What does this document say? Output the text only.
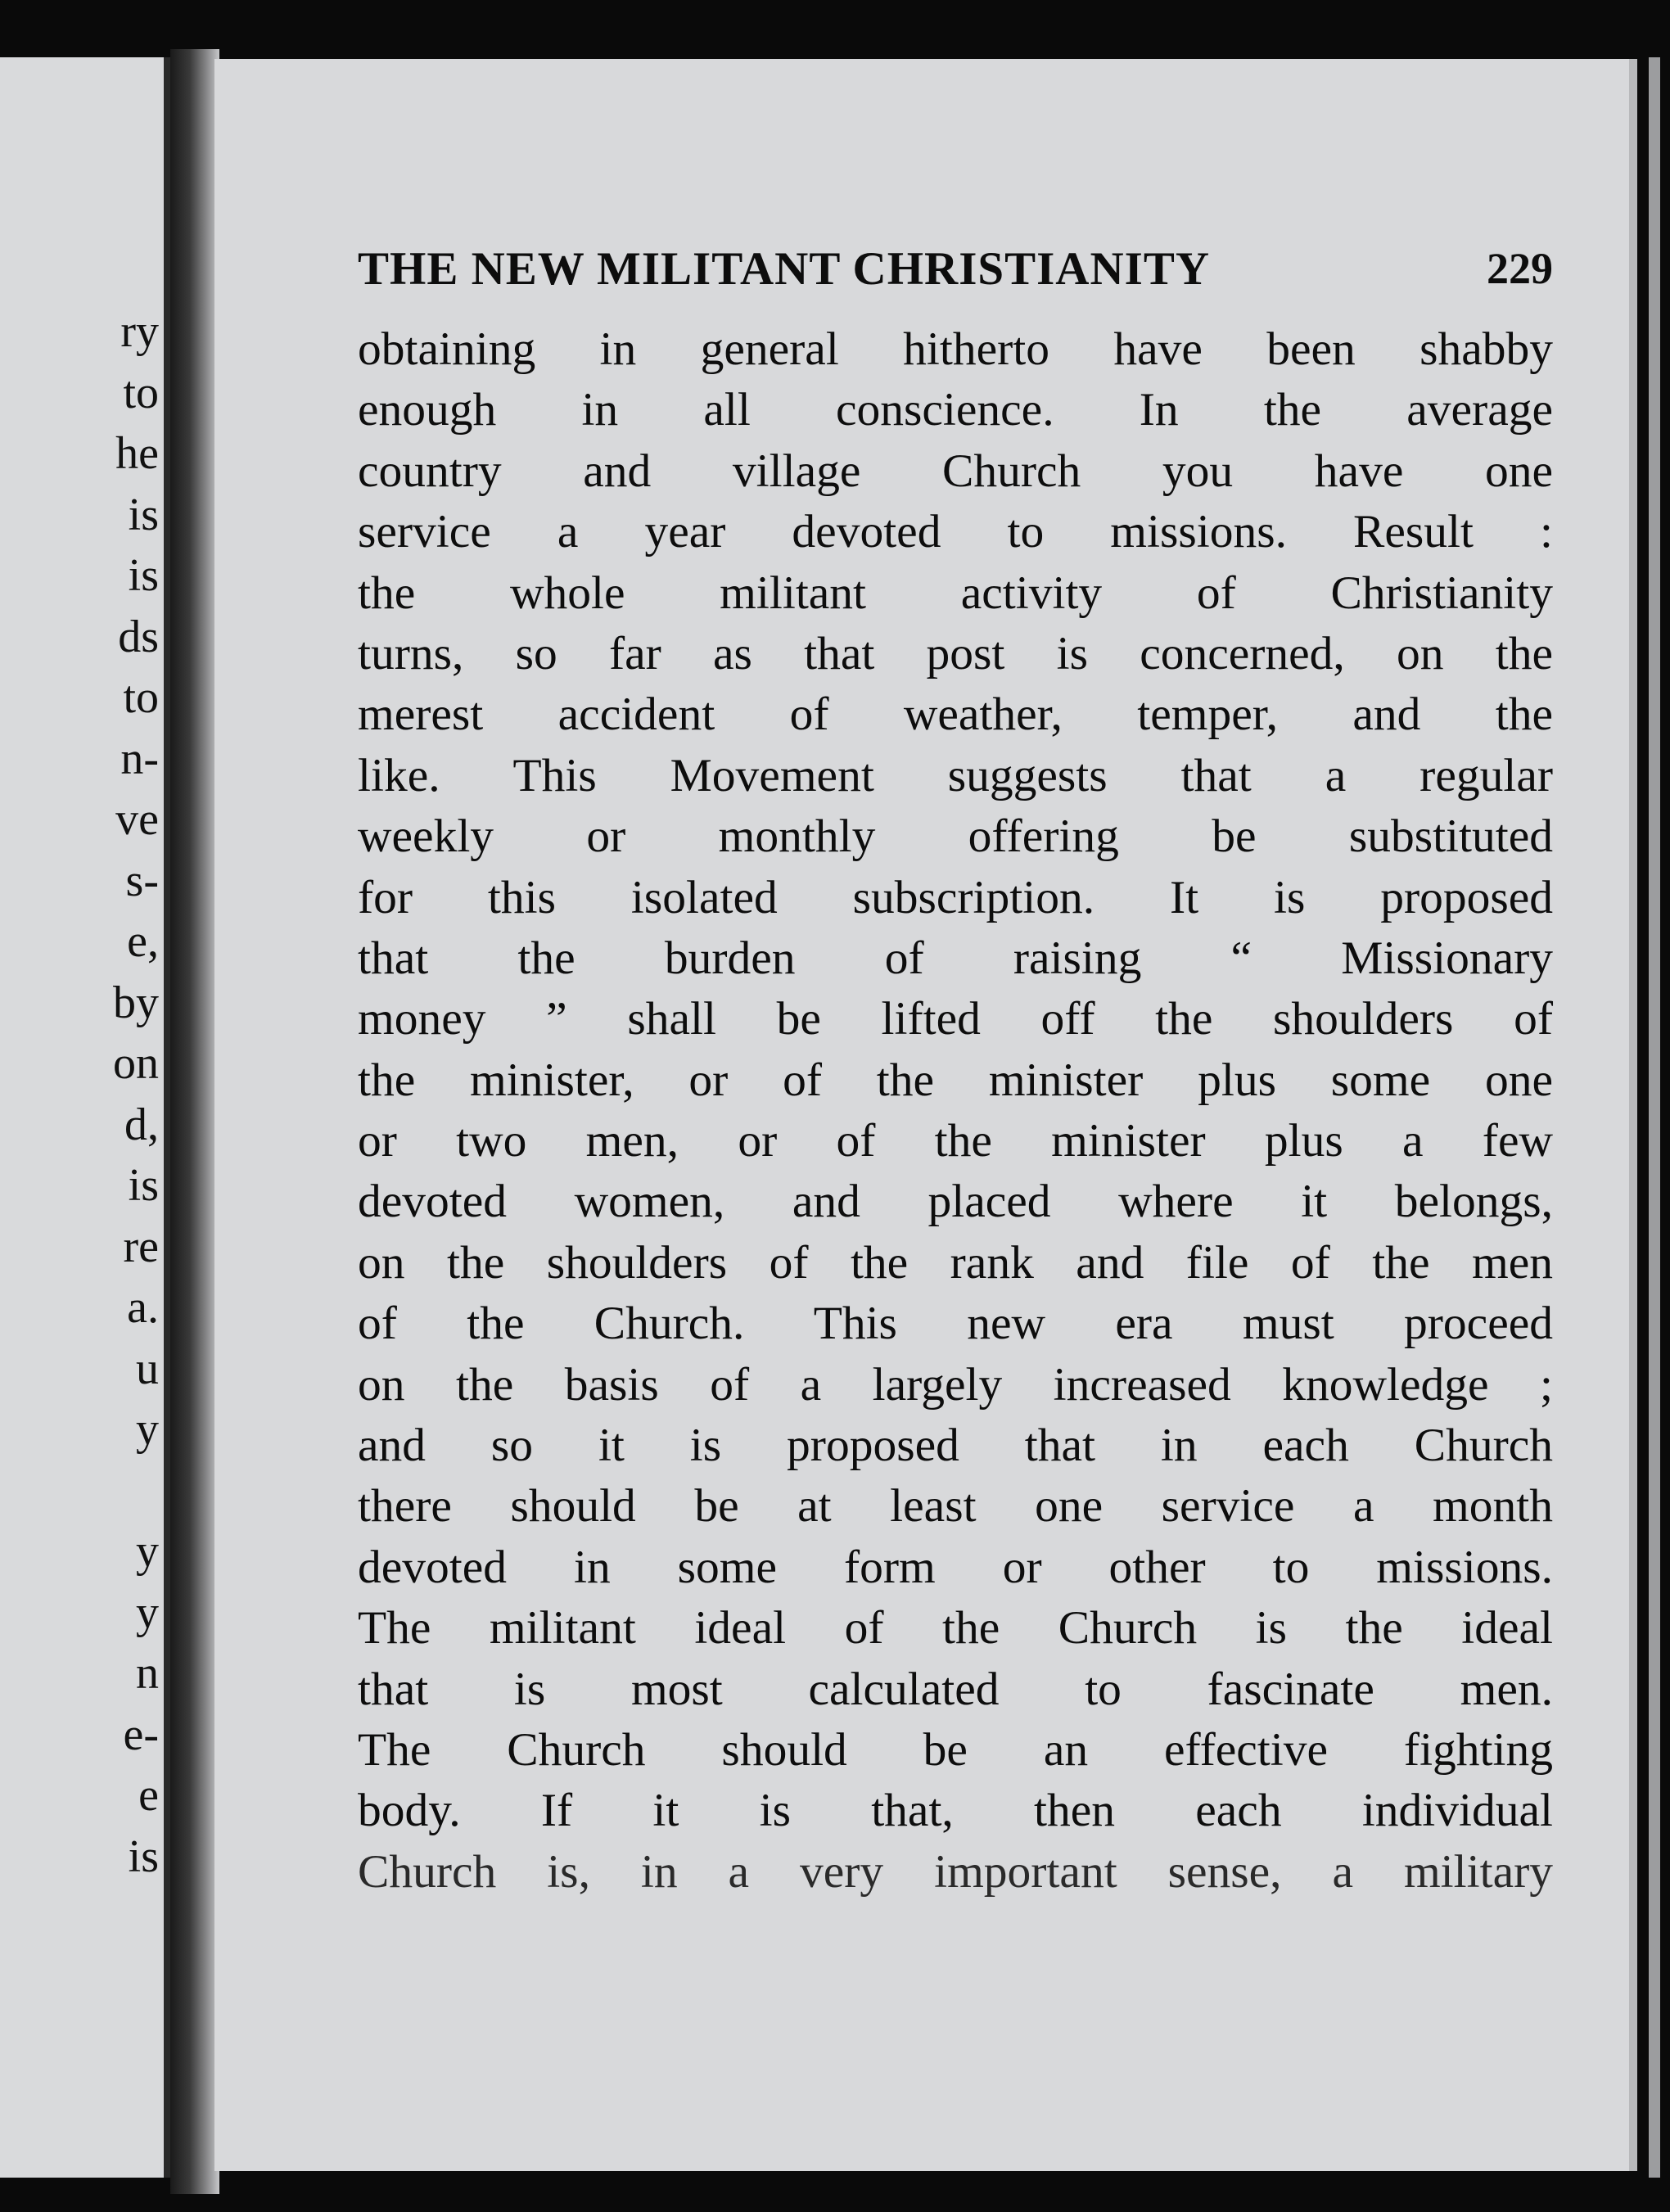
ry
to
he
is
is
ds
to
n-
ve
s-
e,
by
on
d,
is
re
a.
u
y
y
y
n
e-
e
is
THE NEW MILITANT CHRISTIANITY	229
obtaining in general hitherto have been shabby
enough in all conscience. In the average
country and village Church you have one
service a year devoted to missions. Result :
the whole militant activity of Christianity
turns, so far as that post is concerned, on the
merest accident of weather, temper, and the
like. This Movement suggests that a regular
weekly or monthly offering be substituted
for this isolated subscription. It is proposed
that the burden of raising “ Missionary
money ” shall be lifted off the shoulders of
the minister, or of the minister plus some one
or two men, or of the minister plus a few
devoted women, and placed where it belongs,
on the shoulders of the rank and file of the men
of the Church. This new era must proceed
on the basis of a largely increased knowledge ;
and so it is proposed that in each Church
there should be at least one service a month
devoted in some form or other to missions.
The militant ideal of the Church is the ideal
that is most calculated to fascinate men.
The Church should be an effective fighting
body. If it is that, then each individual
Church is, in a very important sense, a military
